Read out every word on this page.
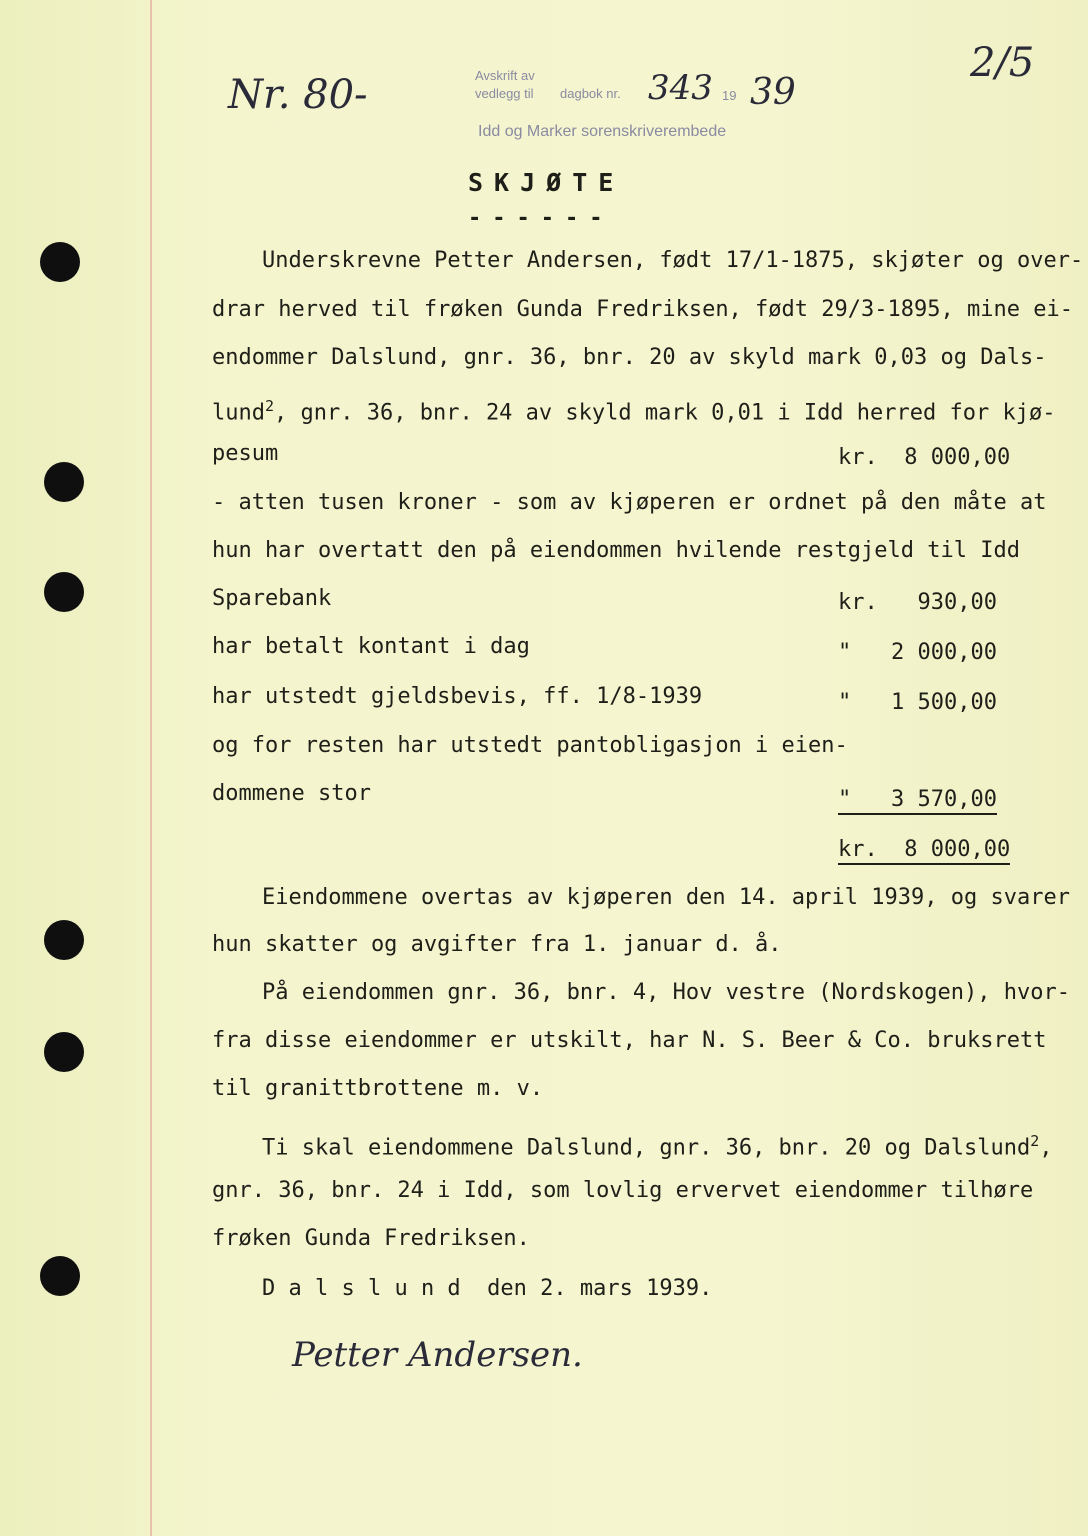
Nr. 80-	Avskrift av
vedlegg til dagbok nr. 343 19 39
Idd og Marker sorenskriverembede
2/5
SKJØTE
------
Underskrevne Petter Andersen, født 17/1-1875, skjøter og over-
drar herved til frøken Gunda Fredriksen, født 29/3-1895, mine ei-
endommer Dalslund, gnr. 36, bnr. 20 av skyld mark 0,03 og Dals-
lund$^2$, gnr. 36, bnr. 24 av skyld mark 0,01 i Idd herred for kjø-
pesum
- atten tusen kroner - som av kjøperen er ordnet på den måte at
hun har overtatt den på eiendommen hvilende restgjeld til Idd
Sparebank
har betalt kontant i dag
har utstedt gjeldsbevis, ff. 1/8-1939
og for resten har utstedt pantobligasjon i eien-
dommene stor
kr.  8 000,00
kr.   930,00
"   2 000,00
"   1 500,00
"   3 570,00
kr.  8 000,00
Eiendommene overtas av kjøperen den 14. april 1939, og svarer
hun skatter og avgifter fra 1. januar d. å.
På eiendommen gnr. 36, bnr. 4, Hov vestre (Nordskogen), hvor-
fra disse eiendommer er utskilt, har N. S. Beer & Co. bruksrett
til granittbrottene m. v.
Ti skal eiendommene Dalslund, gnr. 36, bnr. 20 og Dalslund$^2$,
gnr. 36, bnr. 24 i Idd, som lovlig ervervet eiendommer tilhøre
frøken Gunda Fredriksen.
D a l s l u n d  den 2. mars 1939.
Petter Andersen.
